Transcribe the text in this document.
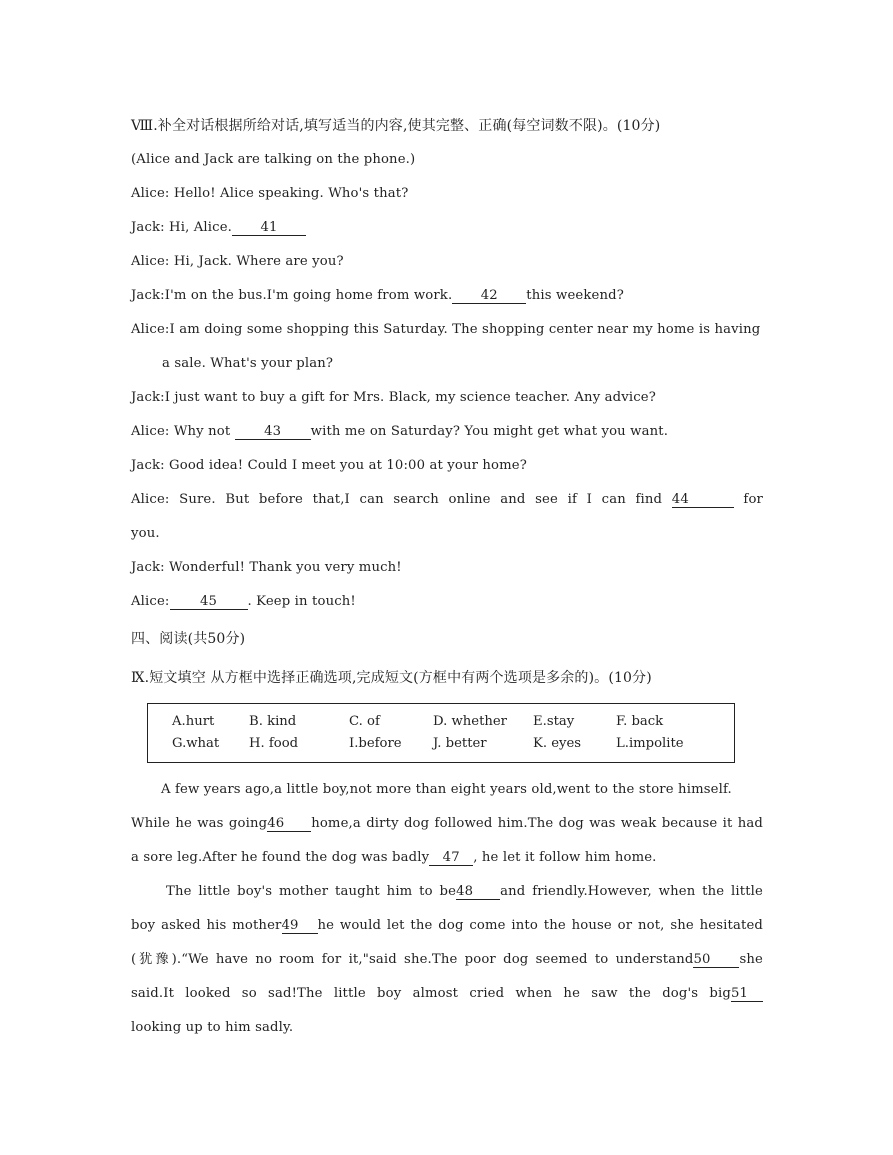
Ⅷ.补全对话根据所给对话,填写适当的内容,使其完整、正确(每空词数不限)。(10分)
(Alice and Jack are talking on the phone.)
Alice: Hello! Alice speaking. Who's that?
Jack: Hi, Alice. 41
Alice: Hi, Jack. Where are you?
Jack:I'm on the bus.I'm going home from work. 42 this weekend?
Alice:I am doing some shopping this Saturday. The shopping center near my home is having
a sale. What's your plan?
Jack:I just want to buy a gift for Mrs. Black, my science teacher. Any advice?
Alice: Why not 43 with me on Saturday? You might get what you want.
Jack: Good idea! Could I meet you at 10:00 at your home?
Alice: Sure. But before that,I can search online and see if I can find 44	for
you.
Jack: Wonderful! Thank you very much!
Alice: 45 . Keep in touch!
四、阅读(共50分)
Ⅸ.短文填空 从方框中选择正确选项,完成短文(方框中有两个选项是多余的)。(10分)
A.hurt	B. kind	C. of	D. whether	E.stay	F. back
G.what	H. food	I.before	J. better	K. eyes	L.impolite
A few years ago,a little boy,not more than eight years old,went to the store himself.
While he was going46 home,a dirty dog followed him.The dog was weak because it had
a sore leg.After he found the dog was badly 47 , he let it follow him home.
The little boy's mother taught him to be48 and friendly.However, when the little
boy asked his mother49 he would let the dog come into the house or not, she hesitated
(犹豫).“We have no room for it,"said she.The poor dog seemed to understand50 she
said.It looked so sad!The little boy almost cried when he saw the dog's big51
looking up to him sadly.
